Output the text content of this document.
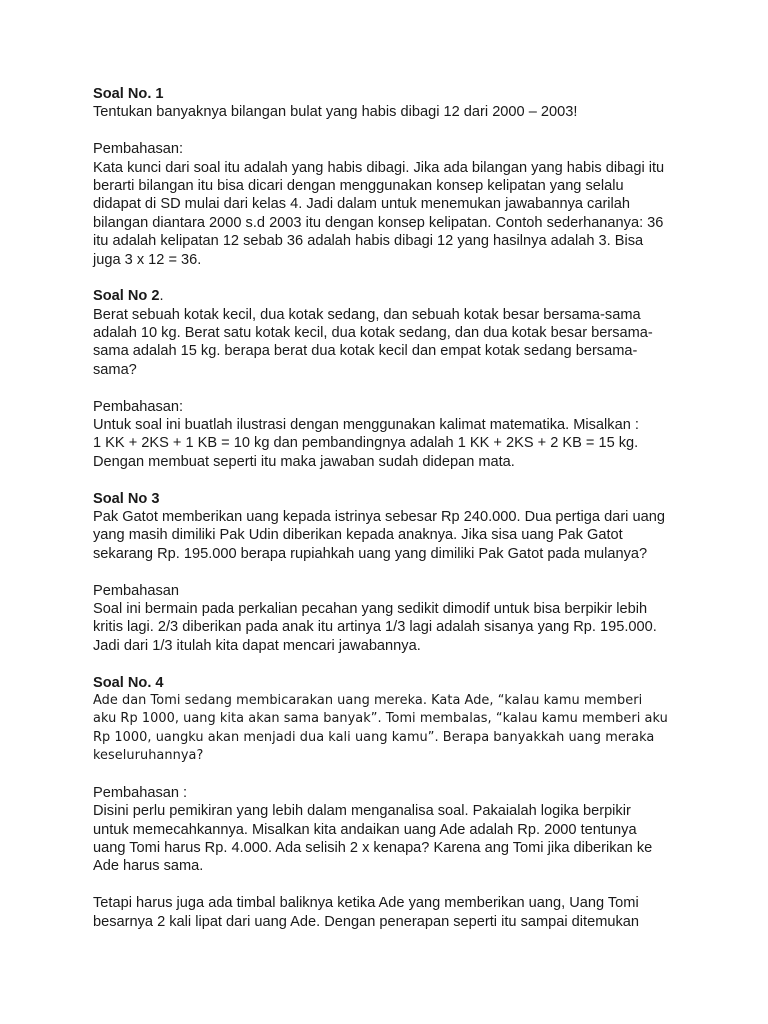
Soal No. 1
Tentukan banyaknya bilangan bulat yang habis dibagi 12 dari 2000 – 2003!
Pembahasan:
Kata kunci dari soal itu adalah yang habis dibagi. Jika ada bilangan yang habis dibagi itu
berarti bilangan itu bisa dicari dengan menggunakan konsep kelipatan yang selalu
didapat di SD mulai dari kelas 4. Jadi dalam untuk menemukan jawabannya carilah
bilangan diantara 2000 s.d 2003 itu dengan konsep kelipatan. Contoh sederhananya: 36
itu adalah kelipatan 12 sebab 36 adalah habis dibagi 12 yang hasilnya adalah 3. Bisa
juga 3 x 12 = 36.
Soal No 2.
Berat sebuah kotak kecil, dua kotak sedang, dan sebuah kotak besar bersama-sama
adalah 10 kg. Berat satu kotak kecil, dua kotak sedang, dan dua kotak besar bersama-
sama adalah 15 kg. berapa berat dua kotak kecil dan empat kotak sedang bersama-
sama?
Pembahasan:
Untuk soal ini buatlah ilustrasi dengan menggunakan kalimat matematika. Misalkan :
1 KK + 2KS + 1 KB = 10 kg dan pembandingnya adalah 1 KK + 2KS + 2 KB = 15 kg.
Dengan membuat seperti itu maka jawaban sudah didepan mata.
Soal No 3
Pak Gatot memberikan uang kepada istrinya sebesar Rp 240.000. Dua pertiga dari uang
yang masih dimiliki Pak Udin diberikan kepada anaknya. Jika sisa uang Pak Gatot
sekarang Rp. 195.000 berapa rupiahkah uang yang dimiliki Pak Gatot pada mulanya?
Pembahasan
Soal ini bermain pada perkalian pecahan yang sedikit dimodif untuk bisa berpikir lebih
kritis lagi. 2/3 diberikan pada anak itu artinya 1/3 lagi adalah sisanya yang Rp. 195.000.
Jadi dari 1/3 itulah kita dapat mencari jawabannya.
Soal No. 4
Ade dan Tomi sedang membicarakan uang mereka. Kata Ade, “kalau kamu memberi
aku Rp 1000, uang kita akan sama banyak”. Tomi membalas, “kalau kamu memberi aku
Rp 1000, uangku akan menjadi dua kali uang kamu”. Berapa banyakkah uang meraka
keseluruhannya?
Pembahasan :
Disini perlu pemikiran yang lebih dalam menganalisa soal. Pakaialah logika berpikir
untuk memecahkannya. Misalkan kita andaikan uang Ade adalah Rp. 2000 tentunya
uang Tomi harus Rp. 4.000. Ada selisih 2 x kenapa? Karena ang Tomi jika diberikan ke
Ade harus sama.
Tetapi harus juga ada timbal baliknya ketika Ade yang memberikan uang, Uang Tomi
besarnya 2 kali lipat dari uang Ade. Dengan penerapan seperti itu sampai ditemukan
